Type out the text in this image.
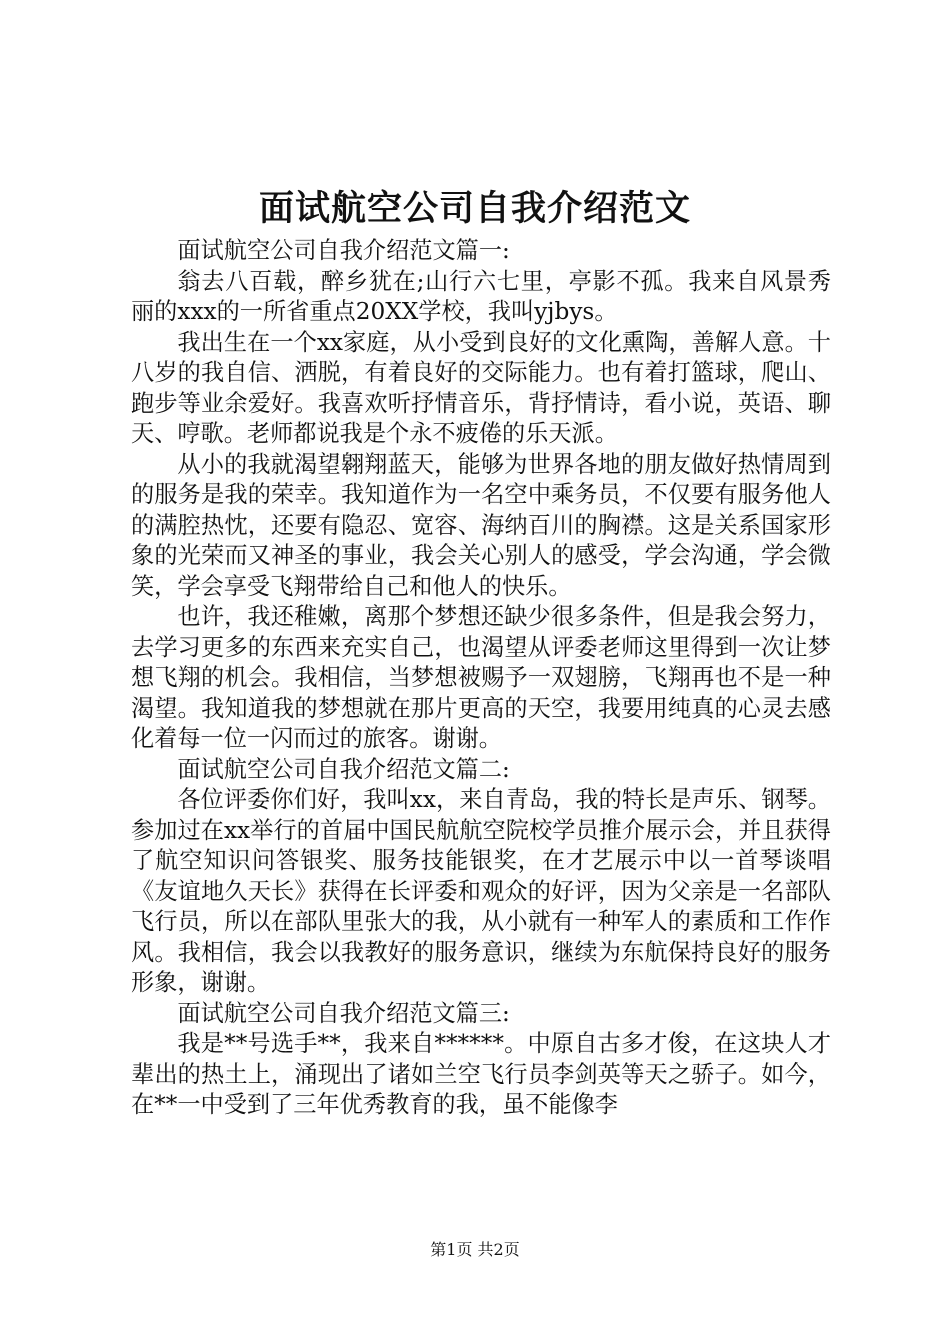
面试航空公司自我介绍范文

面试航空公司自我介绍范文篇一:

翁去八百载，醉乡犹在;山行六七里，亭影不孤。我来自风景秀丽的xxx的一所省重点20XX学校，我叫yjbys。

我出生在一个xx家庭，从小受到良好的文化熏陶，善解人意。十八岁的我自信、洒脱，有着良好的交际能力。也有着打篮球，爬山、跑步等业余爱好。我喜欢听抒情音乐，背抒情诗，看小说，英语、聊天、哼歌。老师都说我是个永不疲倦的乐天派。

从小的我就渴望翱翔蓝天，能够为世界各地的朋友做好热情周到的服务是我的荣幸。我知道作为一名空中乘务员，不仅要有服务他人的满腔热忱，还要有隐忍、宽容、海纳百川的胸襟。这是关系国家形象的光荣而又神圣的事业，我会关心别人的感受，学会沟通，学会微笑，学会享受飞翔带给自己和他人的快乐。

也许，我还稚嫩，离那个梦想还缺少很多条件，但是我会努力，去学习更多的东西来充实自己，也渴望从评委老师这里得到一次让梦想飞翔的机会。我相信，当梦想被赐予一双翅膀，飞翔再也不是一种渴望。我知道我的梦想就在那片更高的天空，我要用纯真的心灵去感化着每一位一闪而过的旅客。谢谢。

面试航空公司自我介绍范文篇二:

各位评委你们好，我叫xx，来自青岛，我的特长是声乐、钢琴。参加过在xx举行的首届中国民航航空院校学员推介展示会，并且获得了航空知识问答银奖、服务技能银奖，在才艺展示中以一首琴谈唱《友谊地久天长》获得在长评委和观众的好评，因为父亲是一名部队飞行员，所以在部队里张大的我，从小就有一种军人的素质和工作作风。我相信，我会以我教好的服务意识，继续为东航保持良好的服务形象，谢谢。

面试航空公司自我介绍范文篇三:

我是**号选手**，我来自******。中原自古多才俊，在这块人才辈出的热土上，涌现出了诸如兰空飞行员李剑英等天之骄子。如今，在**一中受到了三年优秀教育的我，虽不能像李

第1页 共2页
